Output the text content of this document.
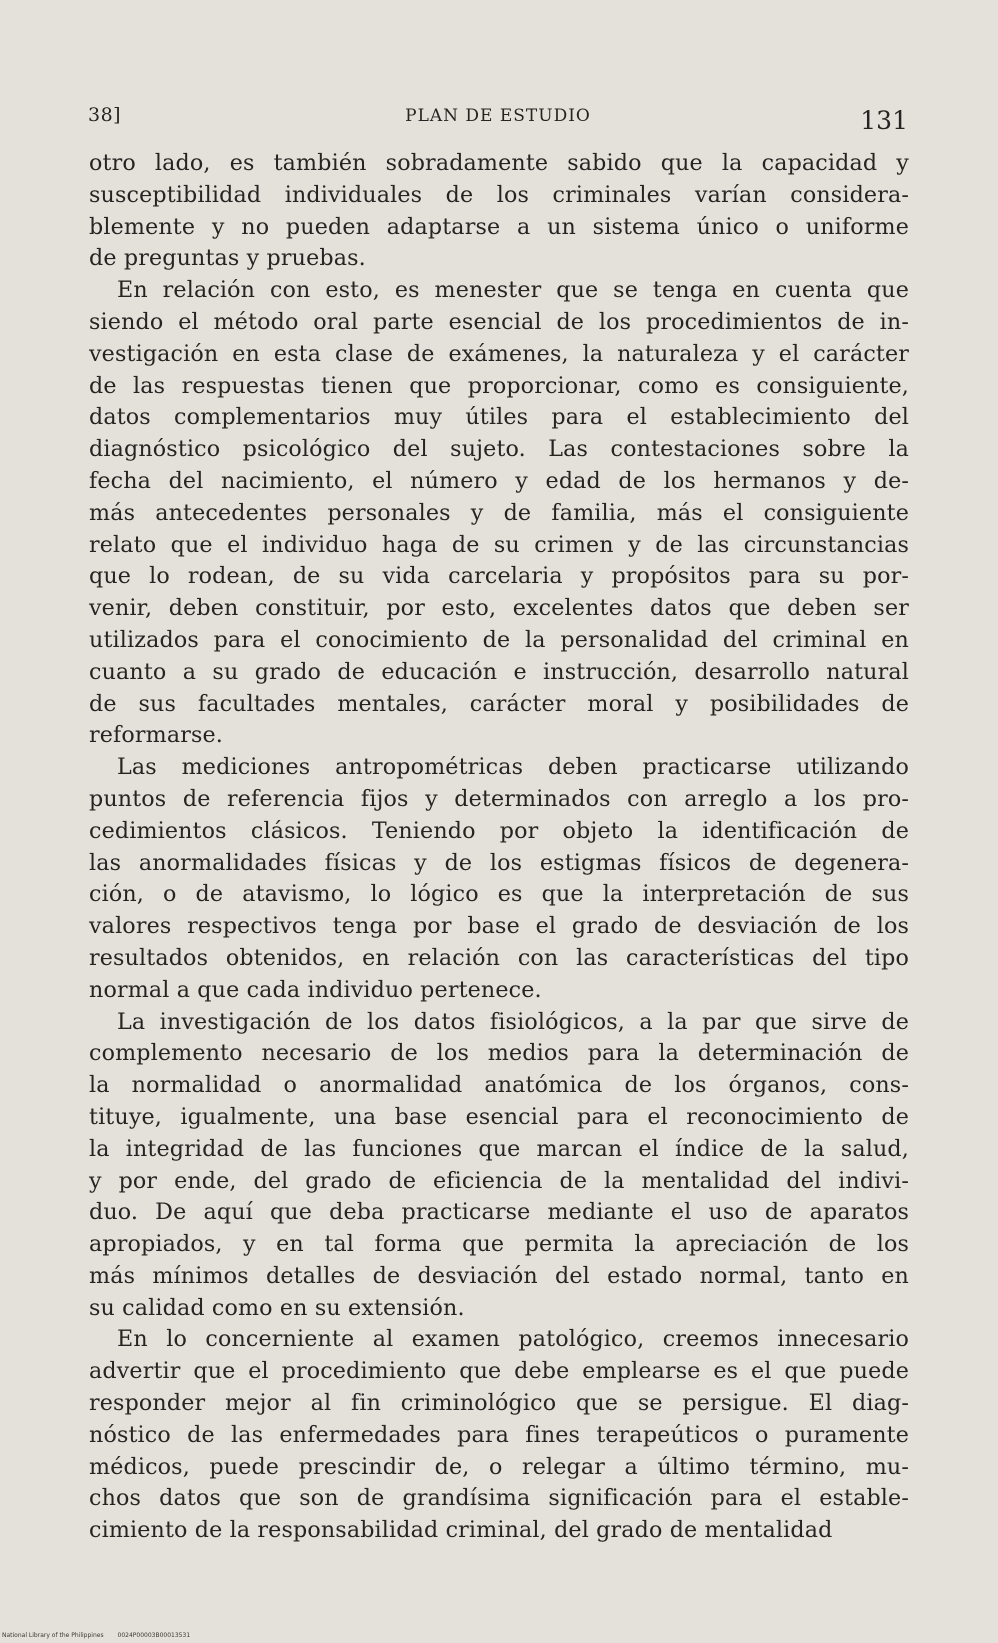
38]	PLAN DE ESTUDIO	131
otro lado, es también sobradamente sabido que la capacidad y
susceptibilidad individuales de los criminales varían considera-
blemente y no pueden adaptarse a un sistema único o uniforme
de preguntas y pruebas.
En relación con esto, es menester que se tenga en cuenta que
siendo el método oral parte esencial de los procedimientos de in-
vestigación en esta clase de exámenes, la naturaleza y el carácter
de las respuestas tienen que proporcionar, como es consiguiente,
datos complementarios muy útiles para el establecimiento del
diagnóstico psicológico del sujeto. Las contestaciones sobre la
fecha del nacimiento, el número y edad de los hermanos y de-
más antecedentes personales y de familia, más el consiguiente
relato que el individuo haga de su crimen y de las circunstancias
que lo rodean, de su vida carcelaria y propósitos para su por-
venir, deben constituir, por esto, excelentes datos que deben ser
utilizados para el conocimiento de la personalidad del criminal en
cuanto a su grado de educación e instrucción, desarrollo natural
de sus facultades mentales, carácter moral y posibilidades de
reformarse.
Las mediciones antropométricas deben practicarse utilizando
puntos de referencia fijos y determinados con arreglo a los pro-
cedimientos clásicos. Teniendo por objeto la identificación de
las anormalidades físicas y de los estigmas físicos de degenera-
ción, o de atavismo, lo lógico es que la interpretación de sus
valores respectivos tenga por base el grado de desviación de los
resultados obtenidos, en relación con las características del tipo
normal a que cada individuo pertenece.
La investigación de los datos fisiológicos, a la par que sirve de
complemento necesario de los medios para la determinación de
la normalidad o anormalidad anatómica de los órganos, cons-
tituye, igualmente, una base esencial para el reconocimiento de
la integridad de las funciones que marcan el índice de la salud,
y por ende, del grado de eficiencia de la mentalidad del indivi-
duo. De aquí que deba practicarse mediante el uso de aparatos
apropiados, y en tal forma que permita la apreciación de los
más mínimos detalles de desviación del estado normal, tanto en
su calidad como en su extensión.
En lo concerniente al examen patológico, creemos innecesario
advertir que el procedimiento que debe emplearse es el que puede
responder mejor al fin criminológico que se persigue. El diag-
nóstico de las enfermedades para fines terapeúticos o puramente
médicos, puede prescindir de, o relegar a último término, mu-
chos datos que son de grandísima significación para el estable-
cimiento de la responsabilidad criminal, del grado de mentalidad
National Library of the Philippines 0024P00003B00013531
